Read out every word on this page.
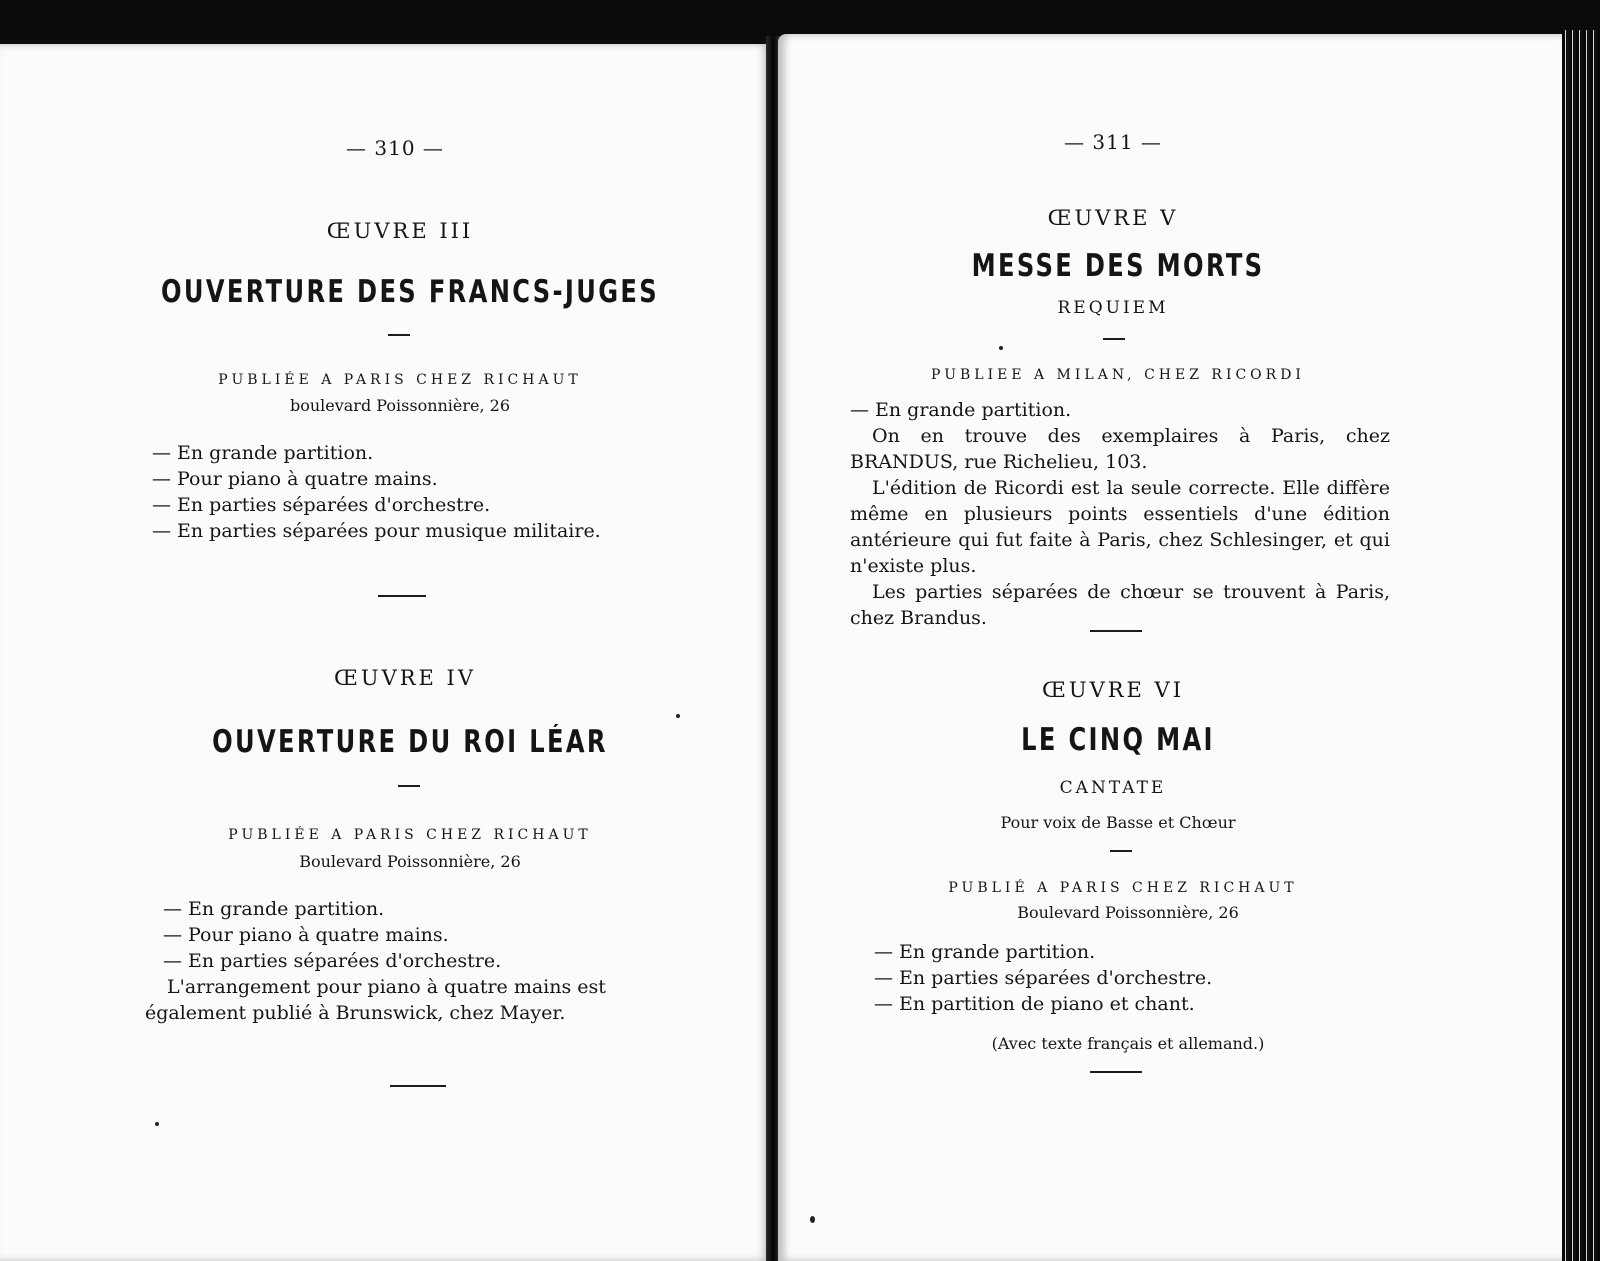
— 310 —
ŒUVRE III
OUVERTURE DES FRANCS-JUGES
PUBLIÉE A PARIS CHEZ RICHAUT
boulevard Poissonnière, 26

— En grande partition.

— Pour piano à quatre mains.

— En parties séparées d'orchestre.

— En parties séparées pour musique militaire.

ŒUVRE IV
OUVERTURE DU ROI LÉAR
PUBLIÉE A PARIS CHEZ RICHAUT
Boulevard Poissonnière, 26

— En grande partition.

— Pour piano à quatre mains.

— En parties séparées d'orchestre.

L'arrangement pour piano à quatre mains est également publié à Brunswick, chez Mayer.
— 311 —
ŒUVRE V
MESSE DES MORTS
REQUIEM
PUBLIEE A MILAN, CHEZ RICORDI

— En grande partition.

On en trouve des exemplaires à Paris, chez BRANDUS, rue Richelieu, 103.

L'édition de Ricordi est la seule correcte. Elle diffère même en plusieurs points essentiels d'une édition antérieure qui fut faite à Paris, chez Schlesinger, et qui n'existe plus.

Les parties séparées de chœur se trouvent à Paris, chez Brandus.

ŒUVRE VI
LE CINQ MAI
CANTATE
Pour voix de Basse et Chœur
PUBLIÉ A PARIS CHEZ RICHAUT
Boulevard Poissonnière, 26

— En grande partition.

— En parties séparées d'orchestre.

— En partition de piano et chant.

(Avec texte français et allemand.)
